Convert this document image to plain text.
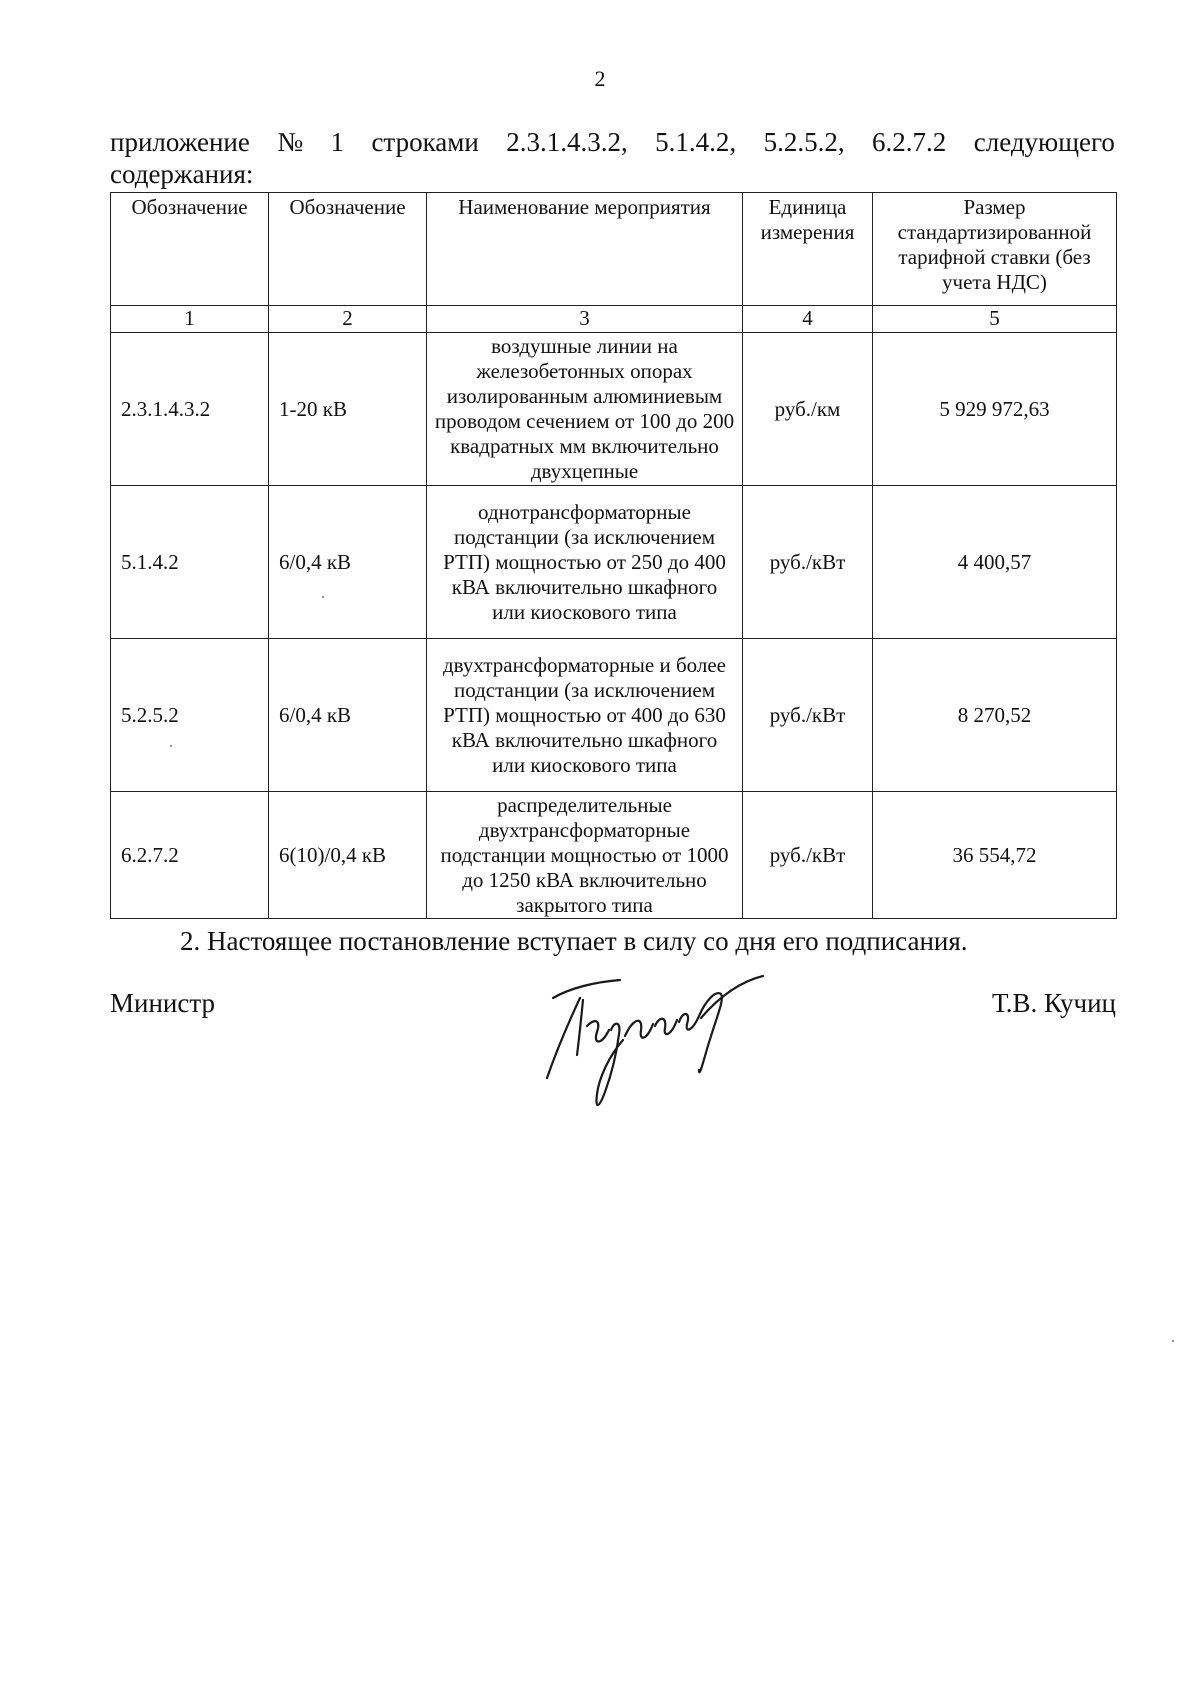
2
приложение № 1 строками 2.3.1.4.3.2, 5.1.4.2, 5.2.5.2, 6.2.7.2 следующего
содержания:
Обозначение	Обозначение	Наименование мероприятия	Единица измерения	Размер стандартизированной тарифной ставки (без учета НДС)
1	2	3	4	5
2.3.1.4.3.2	1-20 кВ	воздушные линии на железобетонных опорах изолированным алюминиевым проводом сечением от 100 до 200 квадратных мм включительно двухцепные	руб./км	5 929 972,63
5.1.4.2	6/0,4 кВ	однотрансформаторные подстанции (за исключением РТП) мощностью от 250 до 400 кВА включительно шкафного или киоскового типа	руб./кВт	4 400,57
5.2.5.2	6/0,4 кВ	двухтрансформаторные и более подстанции (за исключением РТП) мощностью от 400 до 630 кВА включительно шкафного или киоскового типа	руб./кВт	8 270,52
6.2.7.2	6(10)/0,4 кВ	распределительные двухтрансформаторные подстанции мощностью от 1000 до 1250 кВА включительно закрытого типа	руб./кВт	36 554,72
2. Настоящее постановление вступает в силу со дня его подписания.
Министр	Т.В. Кучиц
